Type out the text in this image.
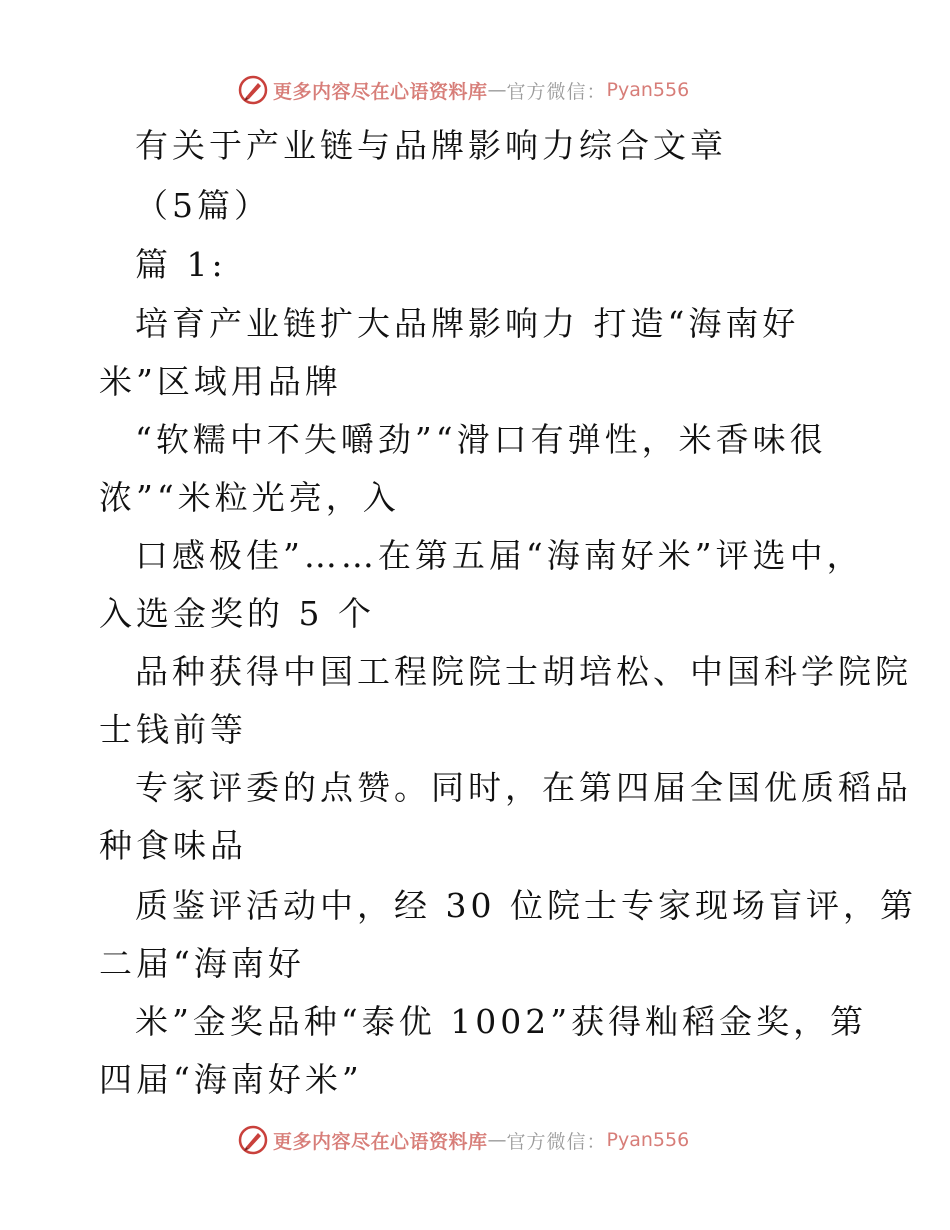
更多内容尽在心语资料库 — 官方微信： Pyan556

有关于产业链与品牌影响力综合文章

（5篇）

篇 1:

培育产业链扩大品牌影响力 打造“海南好

米”区域用品牌

“软糯中不失嚼劲”“滑口有弹性，米香味很

浓”“米粒光亮，入

口感极佳”……在第五届“海南好米”评选中，

入选金奖的 5 个

品种获得中国工程院院士胡培松、中国科学院院

士钱前等

专家评委的点赞。同时，在第四届全国优质稻品

种食味品

质鉴评活动中，经 30 位院士专家现场盲评，第

二届“海南好

米”金奖品种“泰优 1002”获得籼稻金奖，第

四届“海南好米”

更多内容尽在心语资料库 — 官方微信： Pyan556
